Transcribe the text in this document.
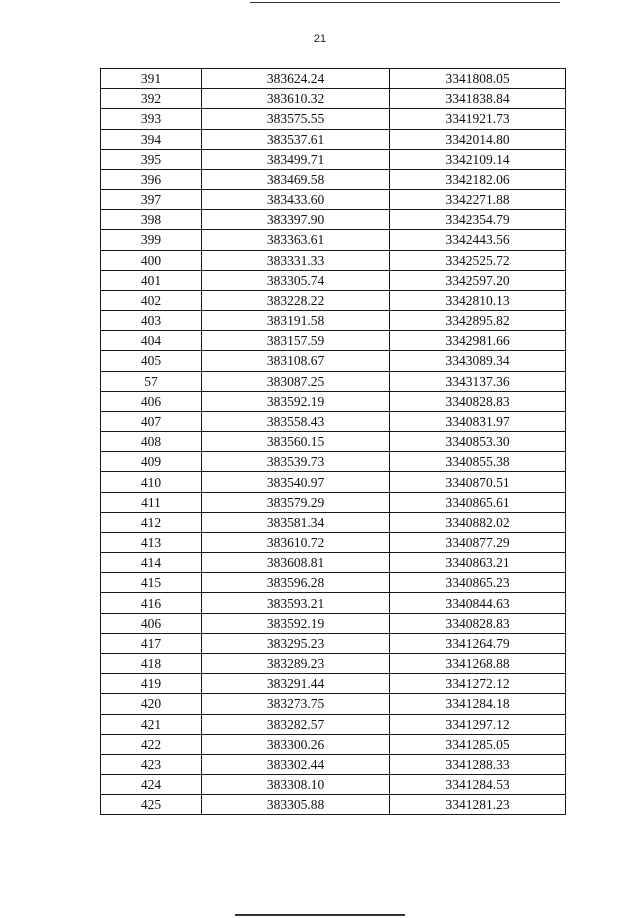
21
391	383624.24	3341808.05
392	383610.32	3341838.84
393	383575.55	3341921.73
394	383537.61	3342014.80
395	383499.71	3342109.14
396	383469.58	3342182.06
397	383433.60	3342271.88
398	383397.90	3342354.79
399	383363.61	3342443.56
400	383331.33	3342525.72
401	383305.74	3342597.20
402	383228.22	3342810.13
403	383191.58	3342895.82
404	383157.59	3342981.66
405	383108.67	3343089.34
57	383087.25	3343137.36
406	383592.19	3340828.83
407	383558.43	3340831.97
408	383560.15	3340853.30
409	383539.73	3340855.38
410	383540.97	3340870.51
411	383579.29	3340865.61
412	383581.34	3340882.02
413	383610.72	3340877.29
414	383608.81	3340863.21
415	383596.28	3340865.23
416	383593.21	3340844.63
406	383592.19	3340828.83
417	383295.23	3341264.79
418	383289.23	3341268.88
419	383291.44	3341272.12
420	383273.75	3341284.18
421	383282.57	3341297.12
422	383300.26	3341285.05
423	383302.44	3341288.33
424	383308.10	3341284.53
425	383305.88	3341281.23
